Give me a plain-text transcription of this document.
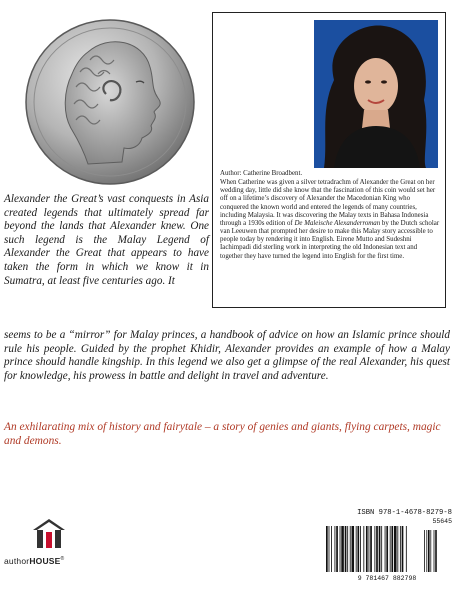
Author: Catherine Broadbent.
When Catherine was given a silver tetradrachm of Alexander the Great on her wedding day, little did she know that the fascination of this coin would set her off on a lifetime’s discovery of Alexander the Macedonian King who conquered the known world and entered the legends of many countries, including Malaysia. It was discovering the Malay texts in Bahasa Indonesia through a 1930s edition of De Maleische Alexanderroman by the Dutch scholar van Leeuwen that prompted her desire to make this Malay story accessible to people today by rendering it into English. Eirene Mutto and Sudeshni Iachimpadi did sterling work in interpreting the old Indonesian text and together they have turned the legend into English for the first time.
Alexander the Great’s vast conquests in Asia created legends that ultimately spread far beyond the lands that Alexander knew. One such legend is the Malay Legend of Alexander the Great that appears to have taken the form in which we know it in Sumatra, at least five centuries ago. It
seems to be a “mirror” for Malay princes, a handbook of advice on how an Islamic prince should rule his people. Guided by the prophet Khidir, Alexander provides an example of how a Malay prince should handle kingship. In this legend we also get a glimpse of the real Alexander, his quest for knowledge, his prowess in battle and delight in travel and adventure.
An exhilarating mix of history and fairytale – a story of genies and giants, flying carpets, magic and demons.
authorHOUSE®
ISBN 978-1-4678-8279-8
55645
9 781467 882798
